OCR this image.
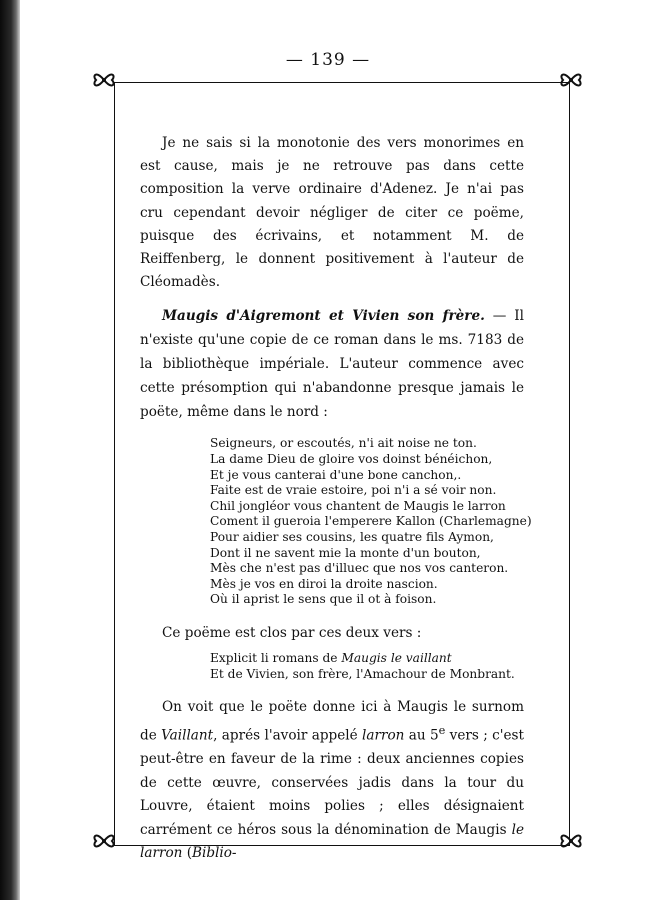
— 139 —

Je ne sais si la monotonie des vers monorimes en est cause, mais je ne retrouve pas dans cette composition la verve ordinaire d'Adenez. Je n'ai pas cru cependant devoir négliger de citer ce poëme, puisque des écrivains, et notamment M. de Reiffenberg, le donnent positivement à l'auteur de Cléomadès.

Maugis d'Aigremont et Vivien son frère. — Il n'existe qu'une copie de ce roman dans le ms. 7183 de la bibliothèque impériale. L'auteur commence avec cette présomption qui n'abandonne presque jamais le poëte, même dans le nord :

Seigneurs, or escoutés, n'i ait noise ne ton.
La dame Dieu de gloire vos doinst bénéichon,
Et je vous canterai d'une bone canchon,.
Faite est de vraie estoire, poi n'i a sé voir non.
Chil jongléor vous chantent de Maugis le larron
Coment il gueroia l'emperere Kallon (Charlemagne)
Pour aidier ses cousins, les quatre fils Aymon,
Dont il ne savent mie la monte d'un bouton,
Mès che n'est pas d'illuec que nos vos canteron.
Mès je vos en diroi la droite nascion.
Où il aprist le sens que il ot à foison.
Ce poëme est clos par ces deux vers :
Explicit li romans de Maugis le vaillant
Et de Vivien, son frère, l'Amachour de Monbrant.

On voit que le poëte donne ici à Maugis le surnom de Vaillant, aprés l'avoir appelé larron au 5e vers ; c'est peut-être en faveur de la rime : deux anciennes copies de cette œuvre, conservées jadis dans la tour du Louvre, étaient moins polies ; elles désignaient carrément ce héros sous la dénomination de Maugis le larron (Biblio-
